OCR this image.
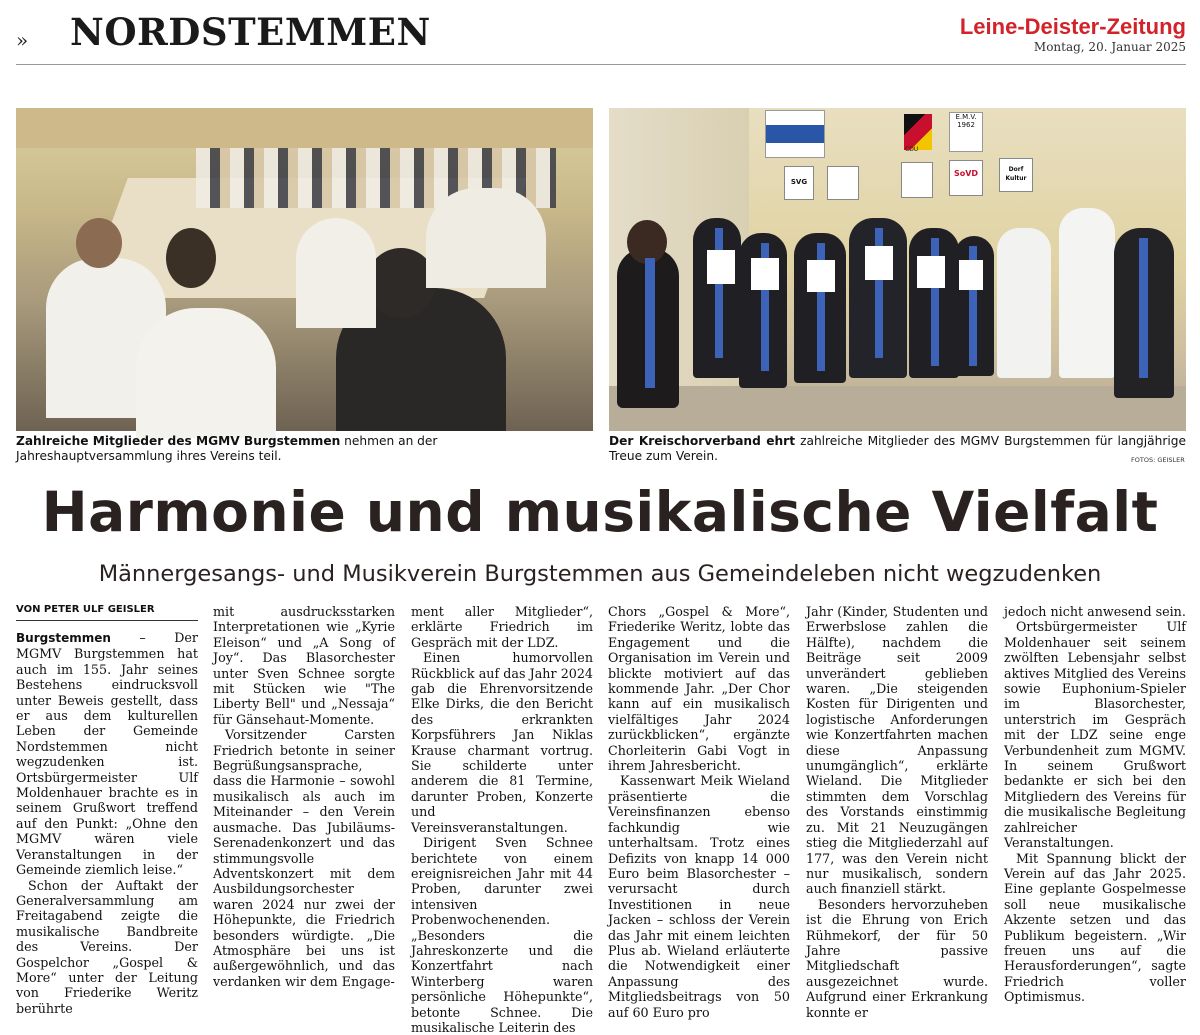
» NORDSTEMMEN	Leine-Deister-Zeitung
Montag, 20. Januar 2025
E.M.V.
1962
CDU
SVG
SoVD	Dorf
Kultur
Zahlreiche Mitglieder des MGMV Burgstemmen nehmen an der Jahreshauptversammlung ihres Vereins teil.
Der Kreischorverband ehrt zahlreiche Mitglieder des MGMV Burgstemmen für langjährige Treue zum Verein.	FOTOS: GEISLER
Harmonie und musikalische Vielfalt
Männergesangs- und Musikverein Burgstemmen aus Gemeindeleben nicht wegzudenken
VON PETER ULF GEISLER

Burgstemmen – Der MGMV Burgstemmen hat auch im 155. Jahr seines Bestehens eindrucksvoll unter Beweis gestellt, dass er aus dem kulturellen Leben der Gemeinde Nordstemmen nicht wegzudenken ist. Ortsbürgermeister Ulf Moldenhauer brachte es in seinem Grußwort treffend auf den Punkt: „Ohne den MGMV wären viele Veranstaltungen in der Gemeinde ziemlich leise.“

Schon der Auftakt der Generalversammlung am Freitagabend zeigte die musikalische Bandbreite des Vereins. Der Gospelchor „Gospel & More“ unter der Leitung von Friederike Weritz berührte

mit ausdrucksstarken Interpretationen wie „Kyrie Eleison“ und „A Song of Joy“. Das Blasorchester unter Sven Schnee sorgte mit Stücken wie "The Liberty Bell" und „Nessaja“ für Gänsehaut-Momente.

Vorsitzender Carsten Friedrich betonte in seiner Begrüßungsansprache, dass die Harmonie – sowohl musikalisch als auch im Miteinander – den Verein ausmache. Das Jubiläums-Serenadenkonzert und das stimmungsvolle Adventskonzert mit dem Ausbildungsorchester waren 2024 nur zwei der Höhepunkte, die Friedrich besonders würdigte. „Die Atmosphäre bei uns ist außergewöhnlich, und das verdanken wir dem Engage-

ment aller Mitglieder“, erklärte Friedrich im Gespräch mit der LDZ.

Einen humorvollen Rückblick auf das Jahr 2024 gab die Ehrenvorsitzende Elke Dirks, die den Bericht des erkrankten Korpsführers Jan Niklas Krause charmant vortrug. Sie schilderte unter anderem die 81 Termine, darunter Proben, Konzerte und Vereinsveranstaltungen.

Dirigent Sven Schnee berichtete von einem ereignisreichen Jahr mit 44 Proben, darunter zwei intensiven Probenwochenenden. „Besonders die Jahreskonzerte und die Konzertfahrt nach Winterberg waren persönliche Höhepunkte“, betonte Schnee. Die musikalische Leiterin des

Chors „Gospel & More“, Friederike Weritz, lobte das Engagement und die Organisation im Verein und blickte motiviert auf das kommende Jahr. „Der Chor kann auf ein musikalisch vielfältiges Jahr 2024 zurückblicken“, ergänzte Chorleiterin Gabi Vogt in ihrem Jahresbericht.

Kassenwart Meik Wieland präsentierte die Vereinsfinanzen ebenso fachkundig wie unterhaltsam. Trotz eines Defizits von knapp 14 000 Euro beim Blasorchester – verursacht durch Investitionen in neue Jacken – schloss der Verein das Jahr mit einem leichten Plus ab. Wieland erläuterte die Notwendigkeit einer Anpassung des Mitgliedsbeitrags von 50 auf 60 Euro pro

Jahr (Kinder, Studenten und Erwerbslose zahlen die Hälfte), nachdem die Beiträge seit 2009 unverändert geblieben waren. „Die steigenden Kosten für Dirigenten und logistische Anforderungen wie Konzertfahrten machen diese Anpassung unumgänglich“, erklärte Wieland. Die Mitglieder stimmten dem Vorschlag des Vorstands einstimmig zu. Mit 21 Neuzugängen stieg die Mitgliederzahl auf 177, was den Verein nicht nur musikalisch, sondern auch finanziell stärkt.

Besonders hervorzuheben ist die Ehrung von Erich Rühmekorf, der für 50 Jahre passive Mitgliedschaft ausgezeichnet wurde. Aufgrund einer Erkrankung konnte er

jedoch nicht anwesend sein.

Ortsbürgermeister Ulf Moldenhauer seit seinem zwölften Lebensjahr selbst aktives Mitglied des Vereins sowie Euphonium-Spieler im Blasorchester, unterstrich im Gespräch mit der LDZ seine enge Verbundenheit zum MGMV. In seinem Grußwort bedankte er sich bei den Mitgliedern des Vereins für die musikalische Begleitung zahlreicher Veranstaltungen.

Mit Spannung blickt der Verein auf das Jahr 2025. Eine geplante Gospelmesse soll neue musikalische Akzente setzen und das Publikum begeistern. „Wir freuen uns auf die Herausforderungen“, sagte Friedrich voller Optimismus.
